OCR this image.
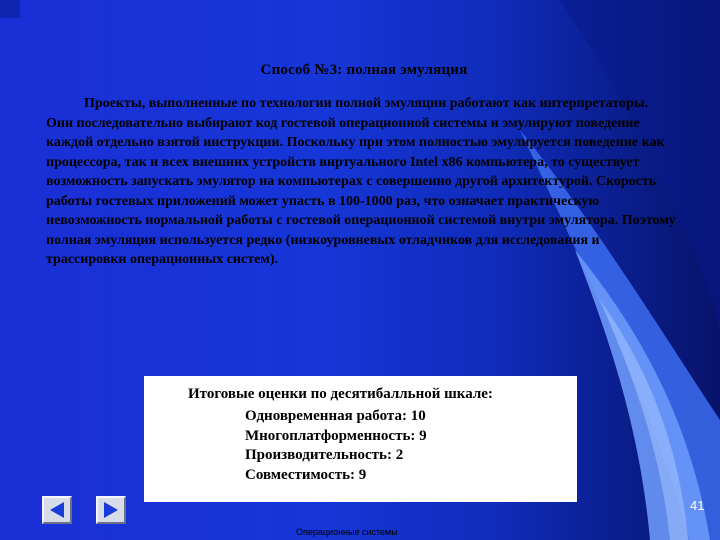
Способ №3: полная эмуляция

Проекты, выполненные по технологии полной эмуляции работают как интерпретаторы. Они последовательно выбирают код гостевой операционной системы и эмулируют поведение каждой отдельно взятой инструкции. Поскольку при этом полностью эмулируется поведение как процессора, так и всех внешних устройств виртуального Intel x86 компьютера, то существует возможность запускать эмулятор на компьютерах с совершенно другой архитектурой. Скорость работы гостевых приложений может упасть в 100-1000 раз, что означает практическую невозможность нормальной работы с гостевой операционной системой внутри эмулятора. Поэтому полная эмуляция используется редко (низкоуровневых отладчиков для исследования и трассировки операционных систем).

Итоговые оценки по десятибалльной шкале:
Одновременная работа: 10
Многоплатформенность: 9
Производительность: 2
Совместимость: 9
41
Операционные системы
